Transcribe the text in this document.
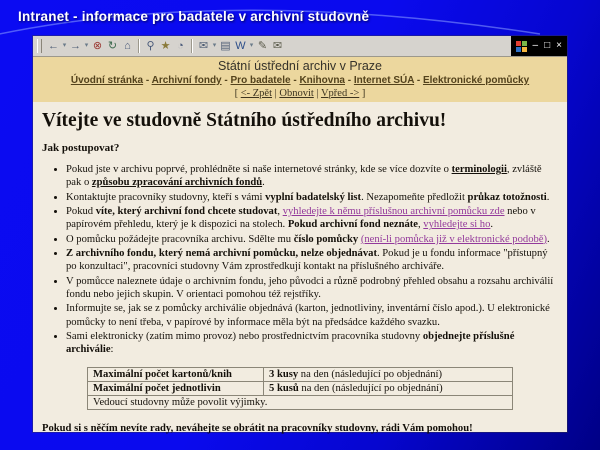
Intranet - informace pro badatele v archivní studovně
← ▾ → ▾ ⊗ ↻ ⌂	⚲ ★ ◔	✉ ▾ ▤ W ▾ ✎ ✉	– □ ×
Státní ústřední archiv v Praze
Úvodní stránka - Archivní fondy - Pro badatele - Knihovna - Internet SÚA - Elektronické pomůcky
[ <- Zpět | Obnovit | Vpřed -> ]
Vítejte ve studovně Státního ústředního archivu!
Jak postupovat?
• Pokud jste v archivu poprvé, prohlédněte si naše internetové stránky, kde se více dozvíte o terminologii, zvláště pak o způsobu zpracování archivních fondů.
• Kontaktujte pracovníky studovny, kteří s vámi vyplní badatelský list. Nezapomeňte předložit průkaz totožnosti.
• Pokud víte, který archivní fond chcete studovat, vyhledejte k němu příslušnou archivní pomůcku zde nebo v papírovém přehledu, který je k dispozici na stolech. Pokud archivní fond neznáte, vyhledejte si ho.
• O pomůcku požádejte pracovníka archivu. Sdělte mu číslo pomůcky (není-li pomůcka již v elektronické podobě).
• Z archivního fondu, který nemá archivní pomůcku, nelze objednávat. Pokud je u fondu informace "přístupný po konzultaci", pracovníci studovny Vám zprostředkují kontakt na příslušného archiváře.
• V pomůcce naleznete údaje o archivním fondu, jeho původci a různě podrobný přehled obsahu a rozsahu archiválií fondu nebo jejich skupin. V orientaci pomohou též rejstříky.
• Informujte se, jak se z pomůcky archiválie objednává (karton, jednotliviny, inventární číslo apod.). U elektronické pomůcky to není třeba, v papírové by informace měla být na předsádce každého svazku.
• Sami elektronicky (zatím mimo provoz) nebo prostřednictvím pracovníka studovny objednejte příslušné archiválie:
Maximální počet kartonů/knih	3 kusy na den (následující po objednání)
Maximální počet jednotlivin	5 kusů na den (následující po objednání)
Vedoucí studovny může povolit výjimky.	

Pokud si s něčím nevíte rady, neváhejte se obrátit na pracovníky studovny, rádi Vám pomohou!
